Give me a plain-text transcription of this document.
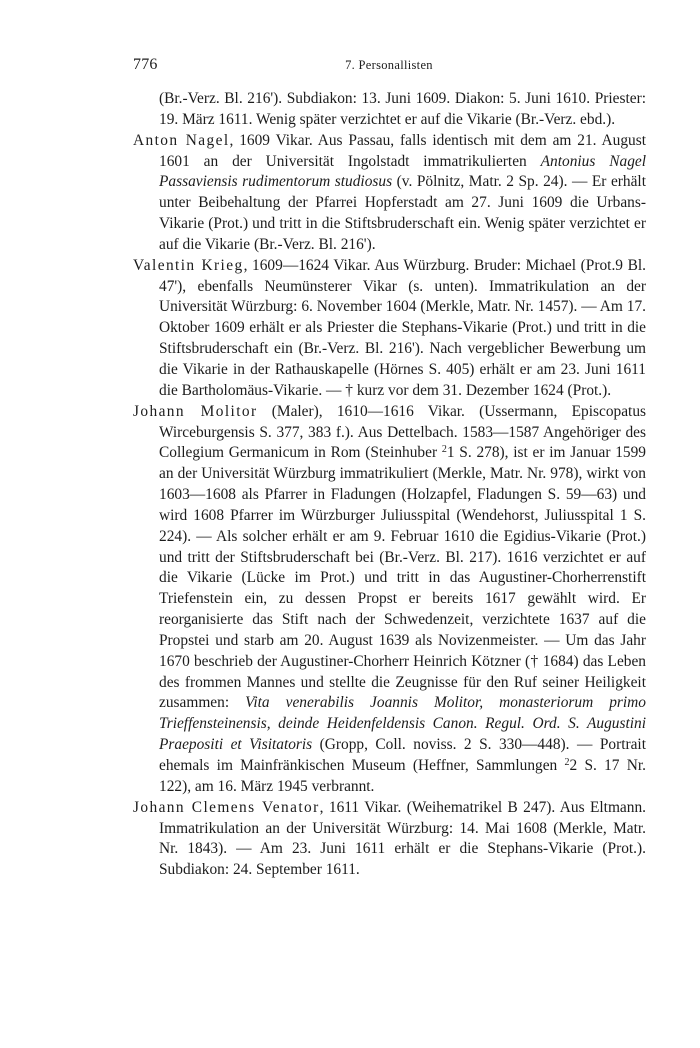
776	7. Personallisten

(Br.-Verz. Bl. 216'). Subdiakon: 13. Juni 1609. Diakon: 5. Juni 1610. Priester: 19. März 1611. Wenig später verzichtet er auf die Vikarie (Br.-Verz. ebd.).

Anton Nagel, 1609 Vikar. Aus Passau, falls identisch mit dem am 21. August 1601 an der Universität Ingolstadt immatrikulierten Antonius Nagel Passaviensis rudimentorum studiosus (v. Pölnitz, Matr. 2 Sp. 24). — Er erhält unter Beibehaltung der Pfarrei Hopferstadt am 27. Juni 1609 die Urbans-Vikarie (Prot.) und tritt in die Stiftsbruderschaft ein. Wenig später verzichtet er auf die Vikarie (Br.-Verz. Bl. 216').

Valentin Krieg, 1609—1624 Vikar. Aus Würzburg. Bruder: Michael (Prot.9 Bl. 47'), ebenfalls Neumünsterer Vikar (s. unten). Immatrikulation an der Universität Würzburg: 6. November 1604 (Merkle, Matr. Nr. 1457). — Am 17. Oktober 1609 erhält er als Priester die Stephans-Vikarie (Prot.) und tritt in die Stiftsbruderschaft ein (Br.-Verz. Bl. 216'). Nach vergeblicher Bewerbung um die Vikarie in der Rathauskapelle (Hörnes S. 405) erhält er am 23. Juni 1611 die Bartholomäus-Vikarie. — † kurz vor dem 31. Dezember 1624 (Prot.).

Johann Molitor (Maler), 1610—1616 Vikar. (Ussermann, Episcopatus Wirceburgensis S. 377, 383 f.). Aus Dettelbach. 1583—1587 Angehöriger des Collegium Germanicum in Rom (Steinhuber $^2$1 S. 278), ist er im Januar 1599 an der Universität Würzburg immatrikuliert (Merkle, Matr. Nr. 978), wirkt von 1603—1608 als Pfarrer in Fladungen (Holzapfel, Fladungen S. 59—63) und wird 1608 Pfarrer im Würzburger Juliusspital (Wendehorst, Juliusspital 1 S. 224). — Als solcher erhält er am 9. Februar 1610 die Egidius-Vikarie (Prot.) und tritt der Stiftsbruderschaft bei (Br.-Verz. Bl. 217). 1616 verzichtet er auf die Vikarie (Lücke im Prot.) und tritt in das Augustiner-Chorherrenstift Triefenstein ein, zu dessen Propst er bereits 1617 gewählt wird. Er reorganisierte das Stift nach der Schwedenzeit, verzichtete 1637 auf die Propstei und starb am 20. August 1639 als Novizenmeister. — Um das Jahr 1670 beschrieb der Augustiner-Chorherr Heinrich Kötzner († 1684) das Leben des frommen Mannes und stellte die Zeugnisse für den Ruf seiner Heiligkeit zusammen: Vita venerabilis Joannis Molitor, monasteriorum primo Trieffensteinensis, deinde Heidenfeldensis Canon. Regul. Ord. S. Augustini Praepositi et Visitatoris (Gropp, Coll. noviss. 2 S. 330—448). — Portrait ehemals im Mainfränkischen Museum (Heffner, Sammlungen $^2$2 S. 17 Nr. 122), am 16. März 1945 verbrannt.

Johann Clemens Venator, 1611 Vikar. (Weihematrikel B 247). Aus Eltmann. Immatrikulation an der Universität Würzburg: 14. Mai 1608 (Merkle, Matr. Nr. 1843). — Am 23. Juni 1611 erhält er die Stephans-Vikarie (Prot.). Subdiakon: 24. September 1611.
